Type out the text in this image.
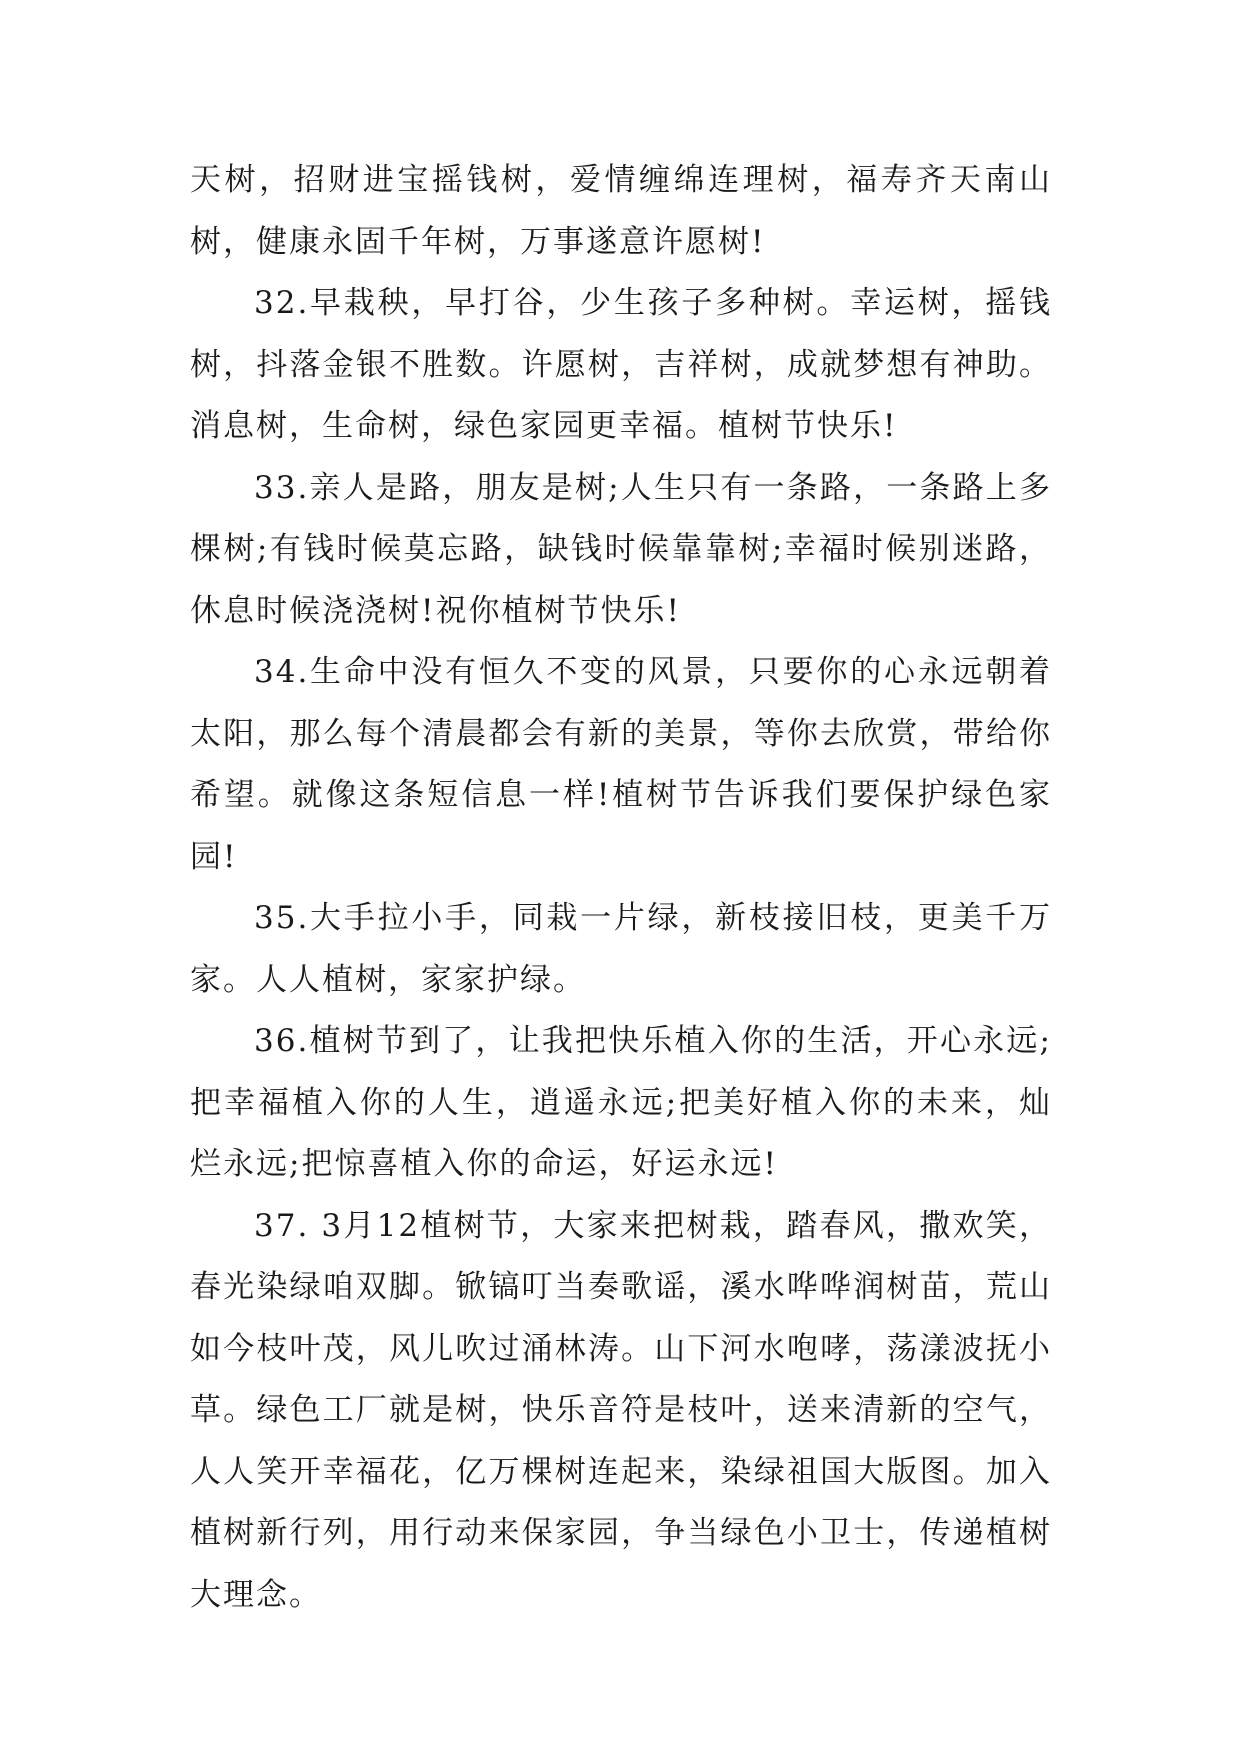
天树，招财进宝摇钱树，爱情缠绵连理树，福寿齐天南山树，健康永固千年树，万事遂意许愿树!

32.早栽秧，早打谷，少生孩子多种树。幸运树，摇钱树，抖落金银不胜数。许愿树，吉祥树，成就梦想有神助。消息树，生命树，绿色家园更幸福。植树节快乐!

33.亲人是路，朋友是树;人生只有一条路，一条路上多棵树;有钱时候莫忘路，缺钱时候靠靠树;幸福时候别迷路，休息时候浇浇树!祝你植树节快乐!

34.生命中没有恒久不变的风景，只要你的心永远朝着太阳，那么每个清晨都会有新的美景，等你去欣赏，带给你希望。就像这条短信息一样!植树节告诉我们要保护绿色家园!

35.大手拉小手，同栽一片绿，新枝接旧枝，更美千万家。人人植树，家家护绿。

36.植树节到了，让我把快乐植入你的生活，开心永远;把幸福植入你的人生，逍遥永远;把美好植入你的未来，灿烂永远;把惊喜植入你的命运，好运永远!

37. 3月12植树节，大家来把树栽，踏春风，撒欢笑，春光染绿咱双脚。锨镐叮当奏歌谣，溪水哗哗润树苗，荒山如今枝叶茂，风儿吹过涌林涛。山下河水咆哮，荡漾波抚小草。绿色工厂就是树，快乐音符是枝叶，送来清新的空气，人人笑开幸福花，亿万棵树连起来，染绿祖国大版图。加入植树新行列，用行动来保家园，争当绿色小卫士，传递植树大理念。
